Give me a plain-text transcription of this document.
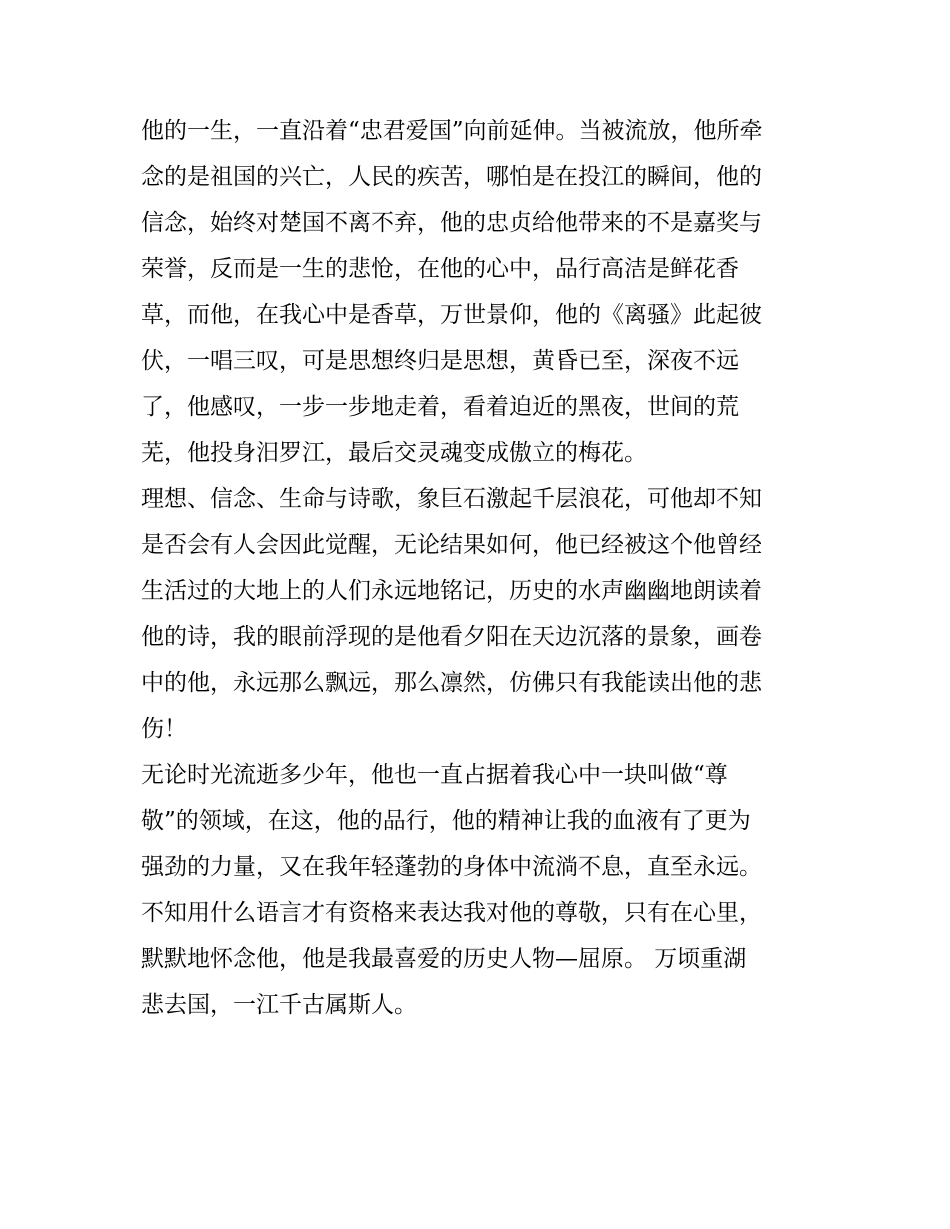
他的一生，一直沿着“忠君爱国”向前延伸。当被流放，他所牵
念的是祖国的兴亡，人民的疾苦，哪怕是在投江的瞬间，他的
信念，始终对楚国不离不弃，他的忠贞给他带来的不是嘉奖与
荣誉，反而是一生的悲怆，在他的心中，品行高洁是鲜花香
草，而他，在我心中是香草，万世景仰，他的《离骚》此起彼
伏，一唱三叹，可是思想终归是思想，黄昏已至，深夜不远
了，他感叹，一步一步地走着，看着迫近的黑夜，世间的荒
芜，他投身汨罗江，最后交灵魂变成傲立的梅花。
理想、信念、生命与诗歌，象巨石激起千层浪花，可他却不知
是否会有人会因此觉醒，无论结果如何，他已经被这个他曾经
生活过的大地上的人们永远地铭记，历史的水声幽幽地朗读着
他的诗，我的眼前浮现的是他看夕阳在天边沉落的景象，画卷
中的他，永远那么飘远，那么凛然，仿佛只有我能读出他的悲
伤！
无论时光流逝多少年，他也一直占据着我心中一块叫做“尊
敬”的领域，在这，他的品行，他的精神让我的血液有了更为
强劲的力量，又在我年轻蓬勃的身体中流淌不息，直至永远。
不知用什么语言才有资格来表达我对他的尊敬，只有在心里，
默默地怀念他，他是我最喜爱的历史人物—屈原。 万顷重湖
悲去国，一江千古属斯人。
